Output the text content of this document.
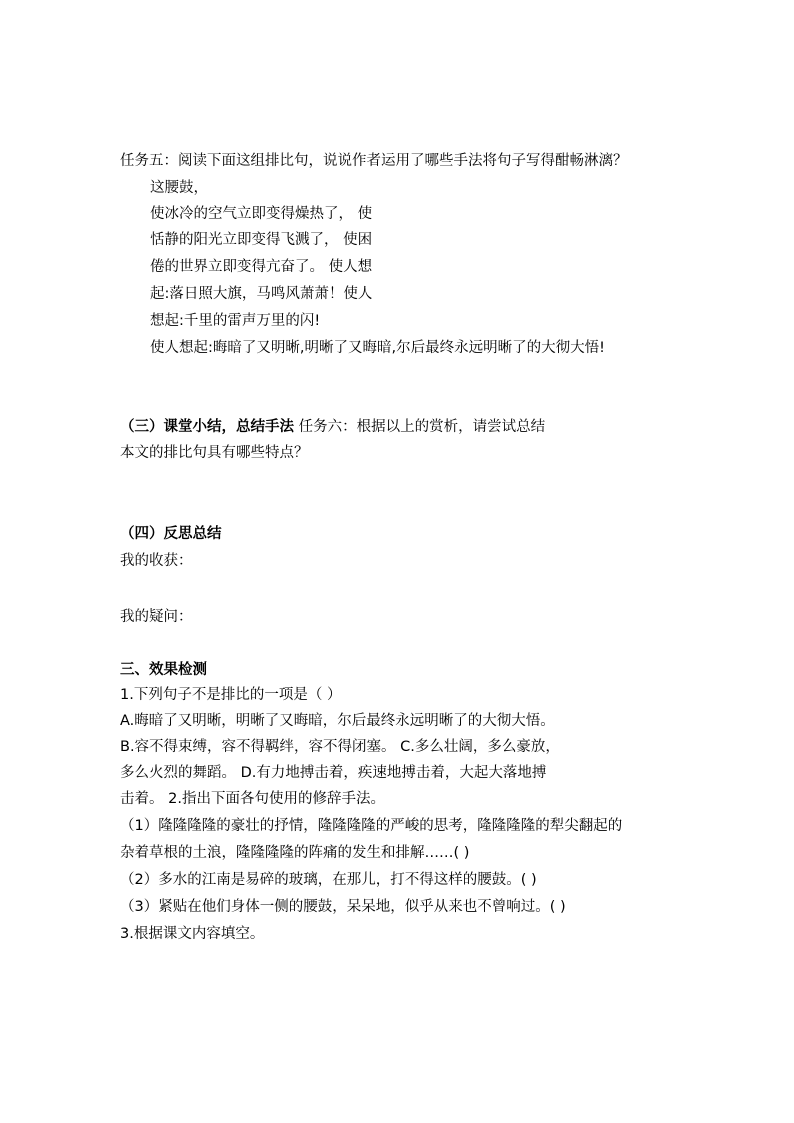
任务五：阅读下面这组排比句，说说作者运用了哪些手法将句子写得酣畅淋漓？
这腰鼓，
使冰冷的空气立即变得燥热了， 使
恬静的阳光立即变得飞溅了， 使困
倦的世界立即变得亢奋了。 使人想
起:落日照大旗，马鸣风萧萧！使人
想起:千里的雷声万里的闪!
使人想起:晦暗了又明晰,明晰了又晦暗,尔后最终永远明晰了的大彻大悟!
（三）课堂小结，总结手法 任务六：根据以上的赏析，请尝试总结
本文的排比句具有哪些特点？
（四）反思总结
我的收获：
我的疑问：
三、效果检测
1.下列句子不是排比的一项是（ ）
A.晦暗了又明晰，明晰了又晦暗，尔后最终永远明晰了的大彻大悟。
B.容不得束缚，容不得羁绊，容不得闭塞。 C.多么壮阔，多么豪放，
多么火烈的舞蹈。 D.有力地搏击着，疾速地搏击着，大起大落地搏
击着。 2.指出下面各句使用的修辞手法。
（1）隆隆隆隆的豪壮的抒情，隆隆隆隆的严峻的思考，隆隆隆隆的犁尖翻起的
杂着草根的土浪，隆隆隆隆的阵痛的发生和排解……( )
（2）多水的江南是易碎的玻璃，在那儿，打不得这样的腰鼓。( )
（3）紧贴在他们身体一侧的腰鼓，呆呆地，似乎从来也不曾响过。( )
3.根据课文内容填空。
